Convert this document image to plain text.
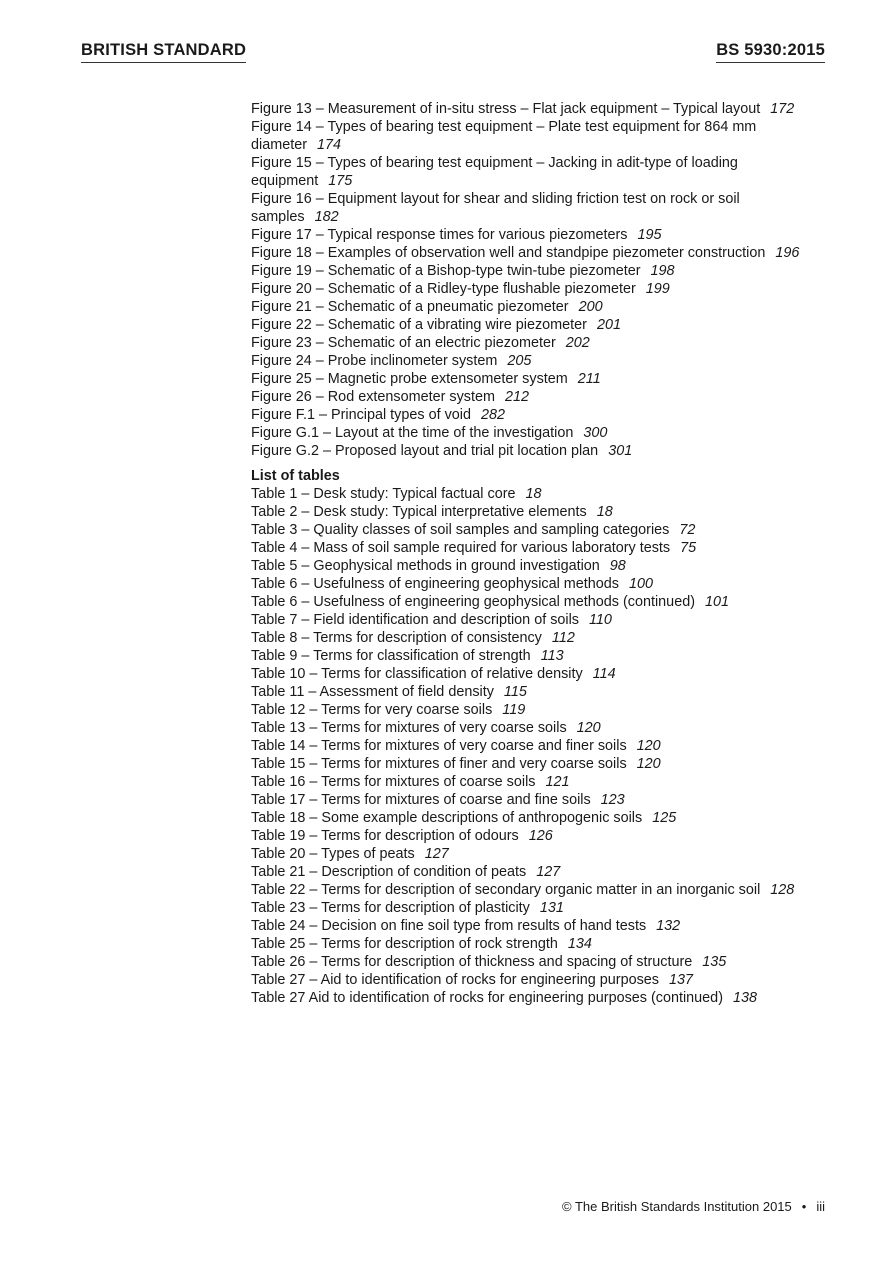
BRITISH STANDARD	BS 5930:2015
Figure 13 – Measurement of in-situ stress – Flat jack equipment – Typical layout 172
Figure 14 – Types of bearing test equipment – Plate test equipment for 864 mm diameter 174
Figure 15 – Types of bearing test equipment – Jacking in adit-type of loading equipment 175
Figure 16 – Equipment layout for shear and sliding friction test on rock or soil samples 182
Figure 17 – Typical response times for various piezometers 195
Figure 18 – Examples of observation well and standpipe piezometer construction 196
Figure 19 – Schematic of a Bishop-type twin-tube piezometer 198
Figure 20 – Schematic of a Ridley-type flushable piezometer 199
Figure 21 – Schematic of a pneumatic piezometer 200
Figure 22 – Schematic of a vibrating wire piezometer 201
Figure 23 – Schematic of an electric piezometer 202
Figure 24 – Probe inclinometer system 205
Figure 25 – Magnetic probe extensometer system 211
Figure 26 – Rod extensometer system 212
Figure F.1 – Principal types of void 282
Figure G.1 – Layout at the time of the investigation 300
Figure G.2 – Proposed layout and trial pit location plan 301
List of tables
Table 1 – Desk study: Typical factual core 18
Table 2 – Desk study: Typical interpretative elements 18
Table 3 – Quality classes of soil samples and sampling categories 72
Table 4 – Mass of soil sample required for various laboratory tests 75
Table 5 – Geophysical methods in ground investigation 98
Table 6 – Usefulness of engineering geophysical methods 100
Table 6 – Usefulness of engineering geophysical methods (continued) 101
Table 7 – Field identification and description of soils 110
Table 8 – Terms for description of consistency 112
Table 9 – Terms for classification of strength 113
Table 10 – Terms for classification of relative density 114
Table 11 – Assessment of field density 115
Table 12 – Terms for very coarse soils 119
Table 13 – Terms for mixtures of very coarse soils 120
Table 14 – Terms for mixtures of very coarse and finer soils 120
Table 15 – Terms for mixtures of finer and very coarse soils 120
Table 16 – Terms for mixtures of coarse soils 121
Table 17 – Terms for mixtures of coarse and fine soils 123
Table 18 – Some example descriptions of anthropogenic soils 125
Table 19 – Terms for description of odours 126
Table 20 – Types of peats 127
Table 21 – Description of condition of peats 127
Table 22 – Terms for description of secondary organic matter in an inorganic soil 128
Table 23 – Terms for description of plasticity 131
Table 24 – Decision on fine soil type from results of hand tests 132
Table 25 – Terms for description of rock strength 134
Table 26 – Terms for description of thickness and spacing of structure 135
Table 27 – Aid to identification of rocks for engineering purposes 137
Table 27 Aid to identification of rocks for engineering purposes (continued) 138
© The British Standards Institution 2015 • iii
